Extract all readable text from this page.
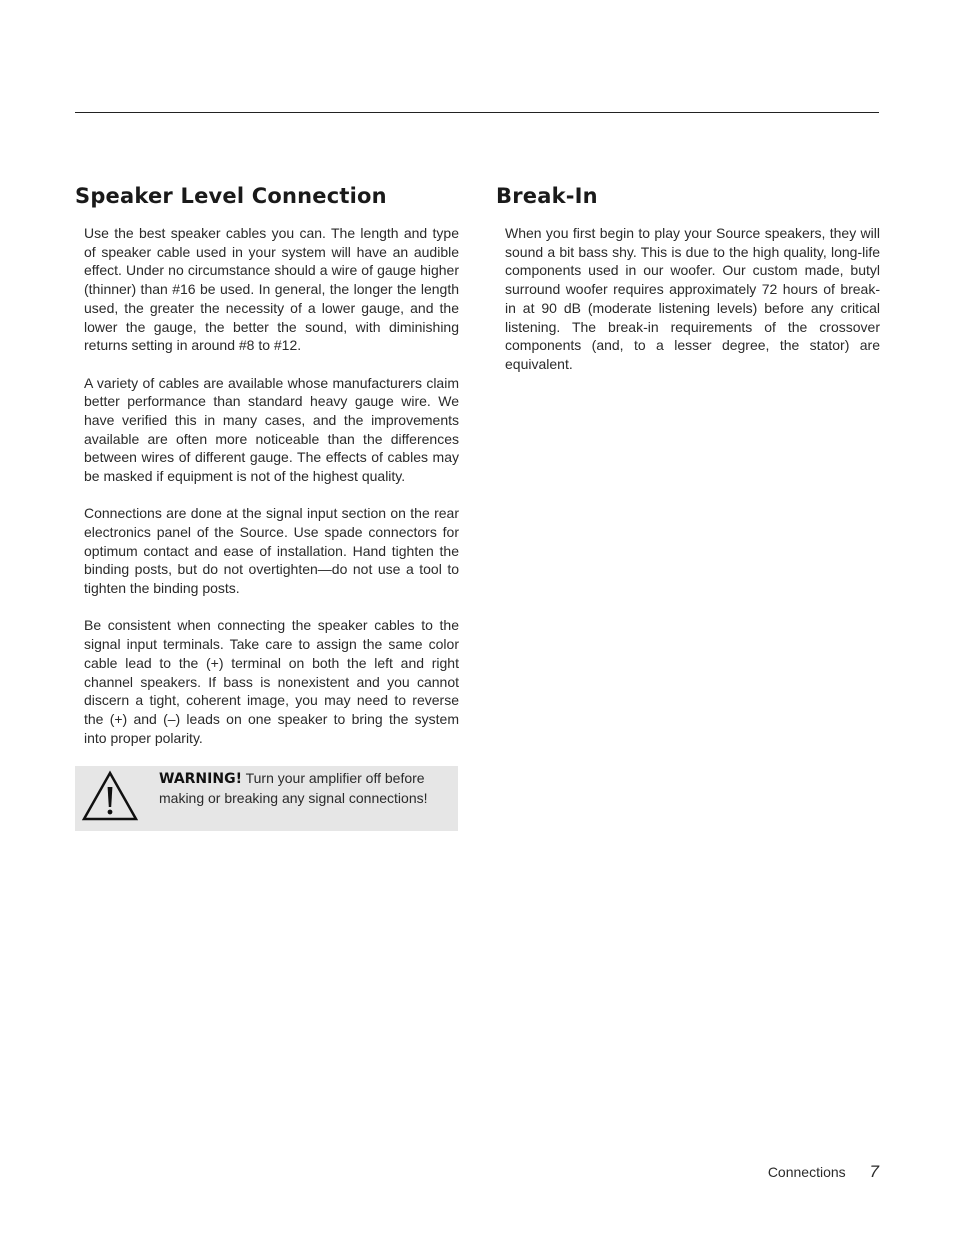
Speaker Level Connection

Use the best speaker cables you can. The length and type of speaker cable used in your system will have an audible effect. Under no circumstance should a wire of gauge higher (thinner) than #16 be used. In general, the longer the length used, the greater the necessity of a lower gauge, and the lower the gauge, the better the sound, with diminishing returns setting in around #8 to #12.

A variety of cables are available whose manufacturers claim better performance than standard heavy gauge wire. We have verified this in many cases, and the improvements available are often more noticeable than the differences between wires of different gauge. The effects of cables may be masked if equipment is not of the highest quality.

Connections are done at the signal input section on the rear electronics panel of the Source. Use spade connectors for optimum contact and ease of installation. Hand tighten the binding posts, but do not overtighten—do not use a tool to tighten the binding posts.

Be consistent when connecting the speaker cables to the signal input terminals. Take care to assign the same color cable lead to the (+) terminal on both the left and right channel speakers. If bass is nonexistent and you cannot discern a tight, coherent image, you may need to reverse the (+) and (–) leads on one speaker to bring the system into proper polarity.

WARNING! Turn your amplifier off before making or breaking any signal connections!
Break-In

When you first begin to play your Source speakers, they will sound a bit bass shy. This is due to the high quality, long-life components used in our woofer. Our custom made, butyl surround woofer requires approximately 72 hours of break-in at 90 dB (moderate listening levels) before any critical listening. The break-in requirements of the crossover components (and, to a lesser degree, the stator) are equivalent.

Connections 7
